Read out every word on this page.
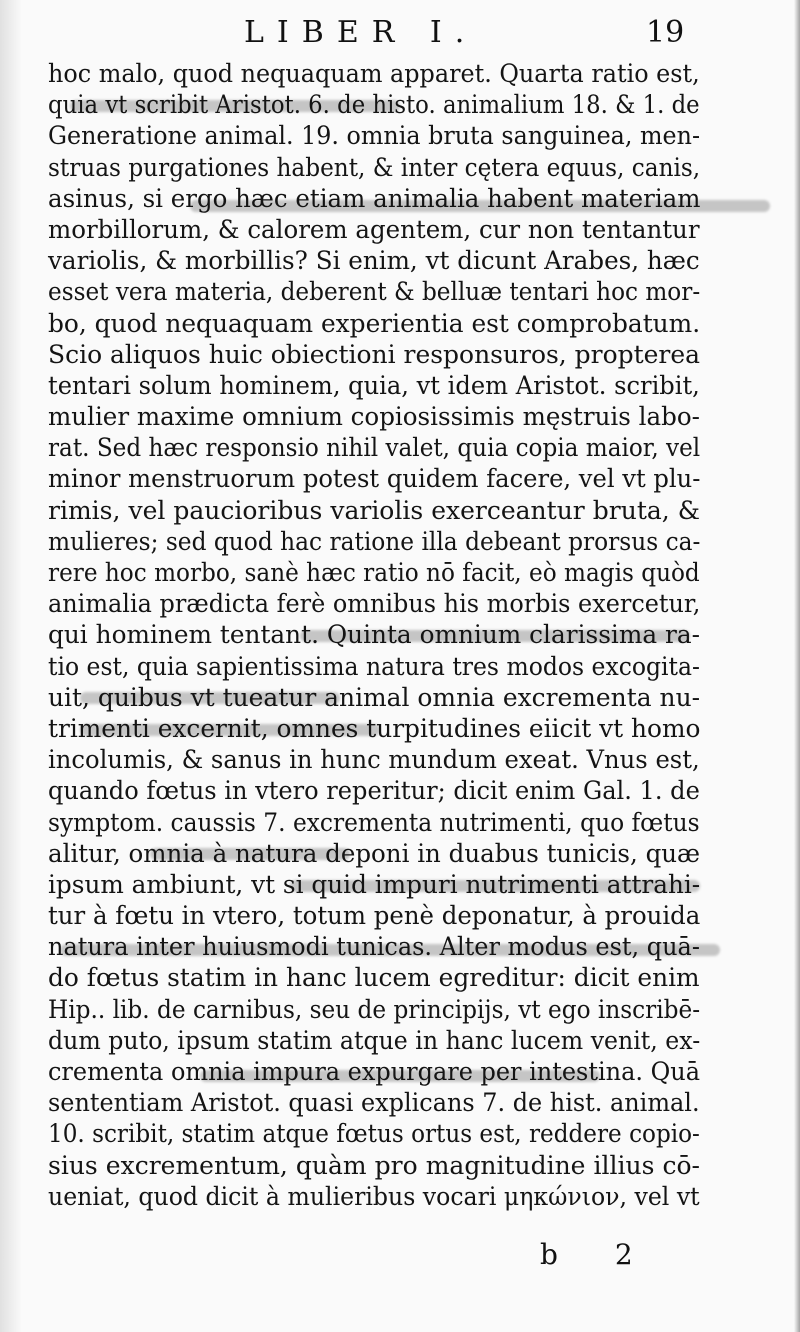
LIBER I.	19
hoc malo, quod nequaquam apparet. Quarta ratio est,
quia vt scribit Aristot. 6. de histo. animalium 18. & 1. de
Generatione animal. 19. omnia bruta sanguinea, men-
struas purgationes habent, & inter cętera equus, canis,
asinus, si ergo hæc etiam animalia habent materiam
morbillorum, & calorem agentem, cur non tentantur
variolis, & morbillis? Si enim, vt dicunt Arabes, hæc
esset vera materia, deberent & belluæ tentari hoc mor-
bo, quod nequaquam experientia est comprobatum.
Scio aliquos huic obiectioni responsuros, propterea
tentari solum hominem, quia, vt idem Aristot. scribit,
mulier maxime omnium copiosissimis męstruis labo-
rat. Sed hæc responsio nihil valet, quia copia maior, vel
minor menstruorum potest quidem facere, vel vt plu-
rimis, vel paucioribus variolis exerceantur bruta, &
mulieres; sed quod hac ratione illa debeant prorsus ca-
rere hoc morbo, sanè hæc ratio nō facit, eò magis quòd
animalia prædicta ferè omnibus his morbis exercetur,
qui hominem tentant. Quinta omnium clarissima ra-
tio est, quia sapientissima natura tres modos excogita-
uit, quibus vt tueatur animal omnia excrementa nu-
trimenti excernit, omnes turpitudines eiicit vt homo
incolumis, & sanus in hunc mundum exeat. Vnus est,
quando fœtus in vtero reperitur; dicit enim Gal. 1. de
symptom. caussis 7. excrementa nutrimenti, quo fœtus
alitur, omnia à natura deponi in duabus tunicis, quæ
ipsum ambiunt, vt si quid impuri nutrimenti attrahi-
tur à fœtu in vtero, totum penè deponatur, à prouida
natura inter huiusmodi tunicas. Alter modus est, quā-
do fœtus statim in hanc lucem egreditur: dicit enim
Hip.. lib. de carnibus, seu de principijs, vt ego inscribē-
dum puto, ipsum statim atque in hanc lucem venit, ex-
crementa omnia impura expurgare per intestina. Quā
sententiam Aristot. quasi explicans 7. de hist. animal.
10. scribit, statim atque fœtus ortus est, reddere copio-
sius excrementum, quàm pro magnitudine illius cō-
ueniat, quod dicit à mulieribus vocari μηκώνιον, vel vt
b 2
